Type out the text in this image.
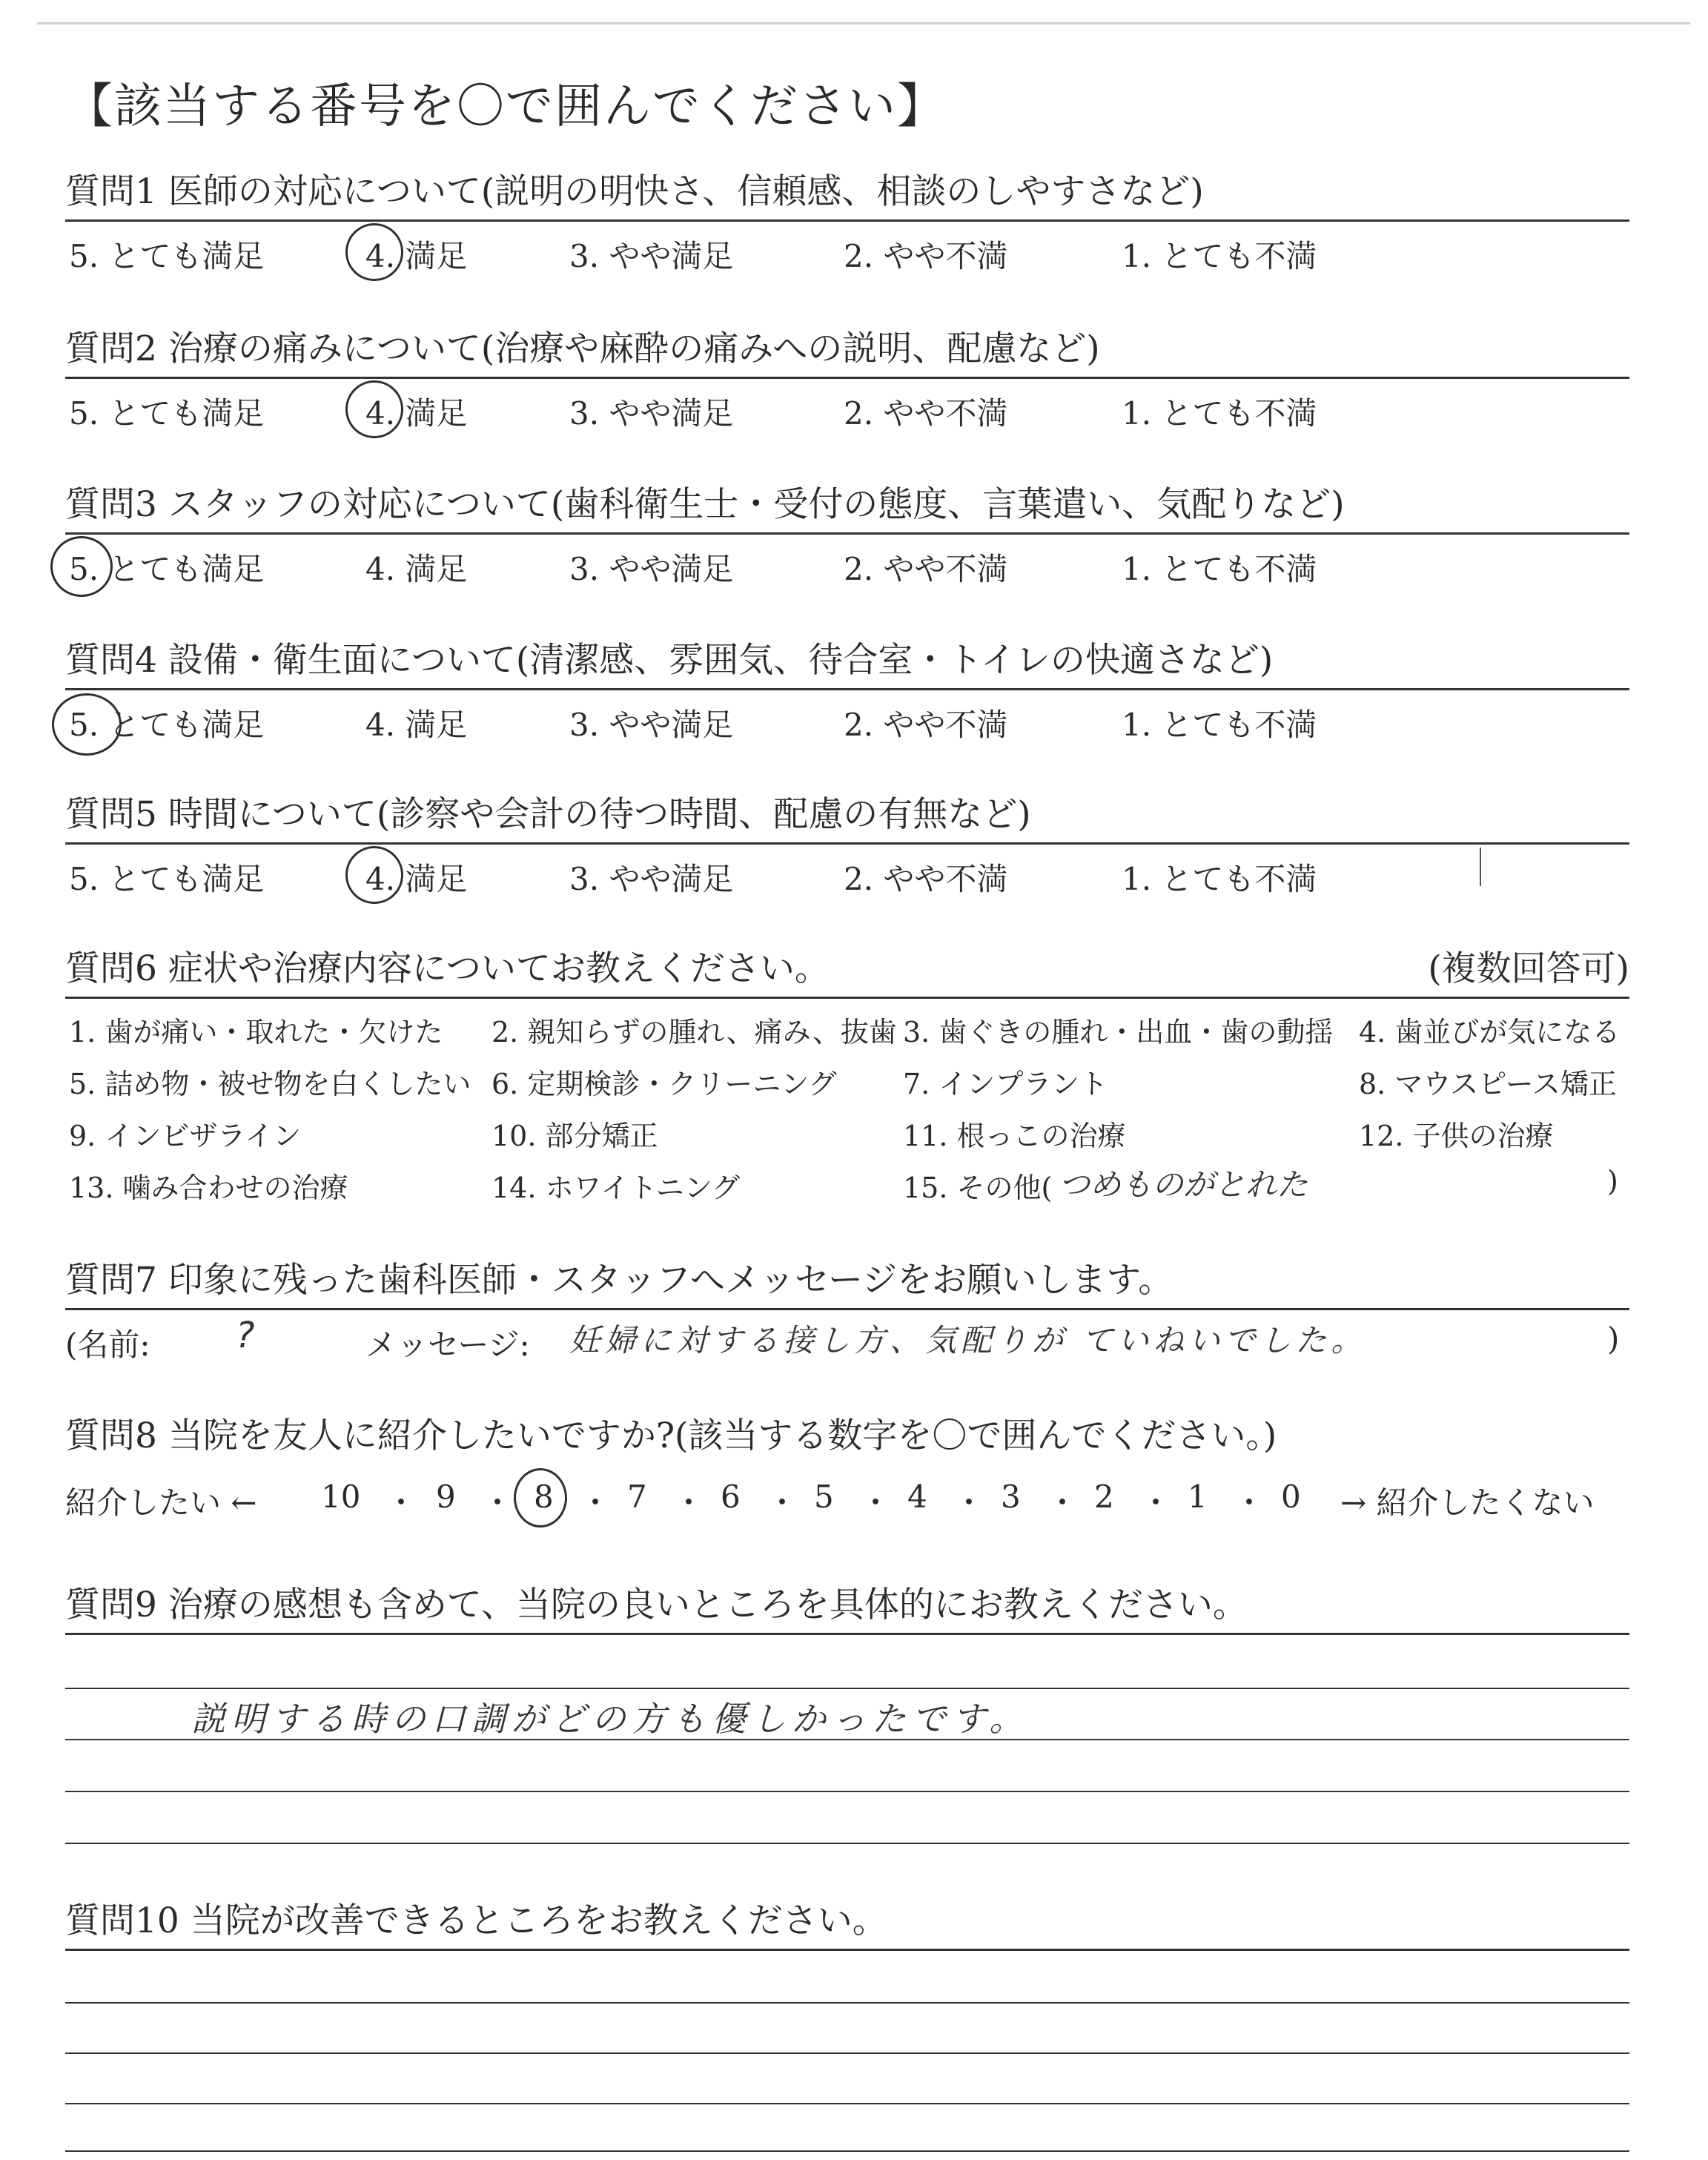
【該当する番号を〇で囲んでください】
質問1 医師の対応について(説明の明快さ、信頼感、相談のしやすさなど)
5. とても満足	4. 満足	3. やや満足	2. やや不満	1. とても不満
質問2 治療の痛みについて(治療や麻酔の痛みへの説明、配慮など)
5. とても満足	4. 満足	3. やや満足	2. やや不満	1. とても不満
質問3 スタッフの対応について(歯科衛生士・受付の態度、言葉遣い、気配りなど)
5. とても満足	4. 満足	3. やや満足	2. やや不満	1. とても不満
質問4 設備・衛生面について(清潔感、雰囲気、待合室・トイレの快適さなど)
5. とても満足	4. 満足	3. やや満足	2. やや不満	1. とても不満
質問5 時間について(診察や会計の待つ時間、配慮の有無など)
5. とても満足	4. 満足	3. やや満足	2. やや不満	1. とても不満
質問6 症状や治療内容についてお教えください。	(複数回答可)
1. 歯が痛い・取れた・欠けた 2. 親知らずの腫れ、痛み、抜歯 3. 歯ぐきの腫れ・出血・歯の動揺 4. 歯並びが気になる
5. 詰め物・被せ物を白くしたい 6. 定期検診・クリーニング 7. インプラント	8. マウスピース矯正
9. インビザライン	10. 部分矯正	11. 根っこの治療	12. 子供の治療
13. 噛み合わせの治療	14. ホワイトニング	15. その他( つめものがとれた	)
質問7 印象に残った歯科医師・スタッフへメッセージをお願いします。
(名前: ?	メッセージ: 妊婦に対する接し方、気配りが ていねいでした。	)
質問8 当院を友人に紹介したいですか?(該当する数字を〇で囲んでください。)
紹介したい ← 10 ・ 9 ・ 8 ・ 7 ・ 6 ・ 5 ・ 4 ・ 3 ・ 2 ・ 1 ・ 0 → 紹介したくない
質問9 治療の感想も含めて、当院の良いところを具体的にお教えください。
説明する時の口調がどの方も優しかったです。
質問10 当院が改善できるところをお教えください。
